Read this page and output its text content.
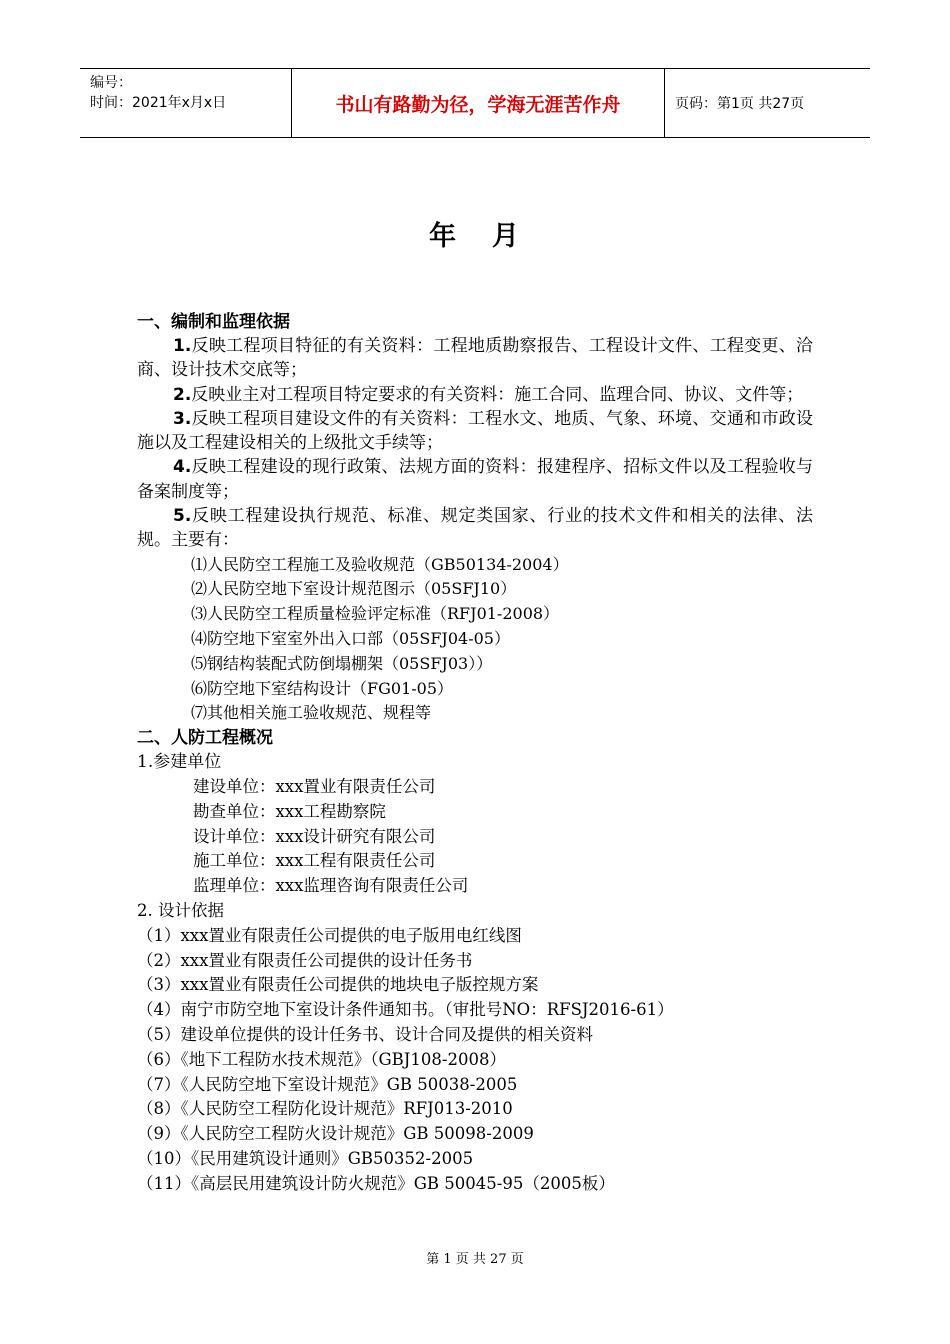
编号：
时间：2021年x月x日	书山有路勤为径，学海无涯苦作舟	页码：第1页 共27页
年 月
一、编制和监理依据
1.反映工程项目特征的有关资料：工程地质勘察报告、工程设计文件、工程变更、洽商、设计技术交底等；
2.反映业主对工程项目特定要求的有关资料：施工合同、监理合同、协议、文件等；
3.反映工程项目建设文件的有关资料：工程水文、地质、气象、环境、交通和市政设施以及工程建设相关的上级批文手续等；
4.反映工程建设的现行政策、法规方面的资料：报建程序、招标文件以及工程验收与备案制度等；
5.反映工程建设执行规范、标准、规定类国家、行业的技术文件和相关的法律、法规。主要有：
⑴人民防空工程施工及验收规范（GB50134-2004）
⑵人民防空地下室设计规范图示（05SFJ10）
⑶人民防空工程质量检验评定标准（RFJ01-2008）
⑷防空地下室室外出入口部（05SFJ04-05）
⑸钢结构装配式防倒塌棚架（05SFJ03））
⑹防空地下室结构设计（FG01-05）
⑺其他相关施工验收规范、规程等
二、人防工程概况
1.参建单位
建设单位：xxx置业有限责任公司
勘查单位：xxx工程勘察院
设计单位：xxx设计研究有限公司
施工单位：xxx工程有限责任公司
监理单位：xxx监理咨询有限责任公司
2. 设计依据
（1）xxx置业有限责任公司提供的电子版用电红线图
（2）xxx置业有限责任公司提供的设计任务书
（3）xxx置业有限责任公司提供的地块电子版控规方案
（4）南宁市防空地下室设计条件通知书。（审批号NO：RFSJ2016-61）
（5）建设单位提供的设计任务书、设计合同及提供的相关资料
（6）《地下工程防水技术规范》（GBJ108-2008）
（7）《人民防空地下室设计规范》GB 50038-2005
（8）《人民防空工程防化设计规范》RFJ013-2010
（9）《人民防空工程防火设计规范》GB 50098-2009
（10）《民用建筑设计通则》GB50352-2005
（11）《高层民用建筑设计防火规范》GB 50045-95（2005板）
第 1 页 共 27 页
